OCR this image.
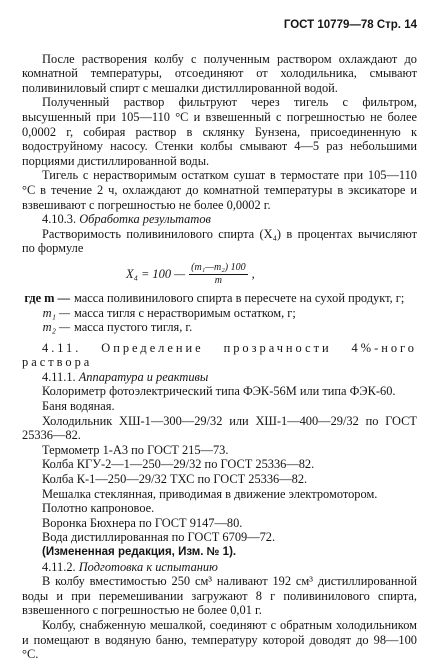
ГОСТ 10779—78 Стр. 14

После растворения колбу с полученным раствором охлаждают до комнатной температуры, отсоединяют от холодильника, смывают поливиниловый спирт с мешалки дистиллированной водой.

Полученный раствор фильтруют через тигель с фильтром, высушенный при 105—110 °C и взвешенный с погрешностью не более 0,0002 г, собирая раствор в склянку Бунзена, присоединенную к водоструйному насосу. Стенки колбы смывают 4—5 раз небольшими порциями дистиллированной воды.

Тигель с нерастворимым остатком сушат в термостате при 105—110 °C в течение 2 ч, охлаждают до комнатной температуры в эксикаторе и взвешивают с погрешностью не более 0,0002 г.

4.10.3. Обработка результатов

Растворимость поливинилового спирта (X₄) в процентах вычисляют по формуле

X₄ = 100 — $\frac{\text{(m₁—m₂) 100}}{m}$ ,
где m — масса поливинилового спирта в пересчете на сухой продукт, г;
m₁ — масса тигля с нерастворимым остатком, г;
m₂ — масса пустого тигля, г.

4.11. Определение прозрачности 4%-ного раствора

4.11.1. Аппаратура и реактивы

Колориметр фотоэлектрический типа ФЭК-56М или типа ФЭК-60.

Баня водяная.

Холодильник ХШ-1—300—29/32 или ХШ-1—400—29/32 по ГОСТ 25336—82.

Термометр 1-А3 по ГОСТ 215—73.

Колба КГУ-2—1—250—29/32 по ГОСТ 25336—82.

Колба К-1—250—29/32 ТХС по ГОСТ 25336—82.

Мешалка стеклянная, приводимая в движение электромотором.

Полотно капроновое.

Воронка Бюхнера по ГОСТ 9147—80.

Вода дистиллированная по ГОСТ 6709—72.

(Измененная редакция, Изм. № 1).

4.11.2. Подготовка к испытанию

В колбу вместимостью 250 см³ наливают 192 см³ дистиллированной воды и при перемешивании загружают 8 г поливинилового спирта, взвешенного с погрешностью не более 0,01 г.

Колбу, снабженную мешалкой, соединяют с обратным холодильником и помещают в водяную баню, температуру которой доводят до 98—100 °C.
